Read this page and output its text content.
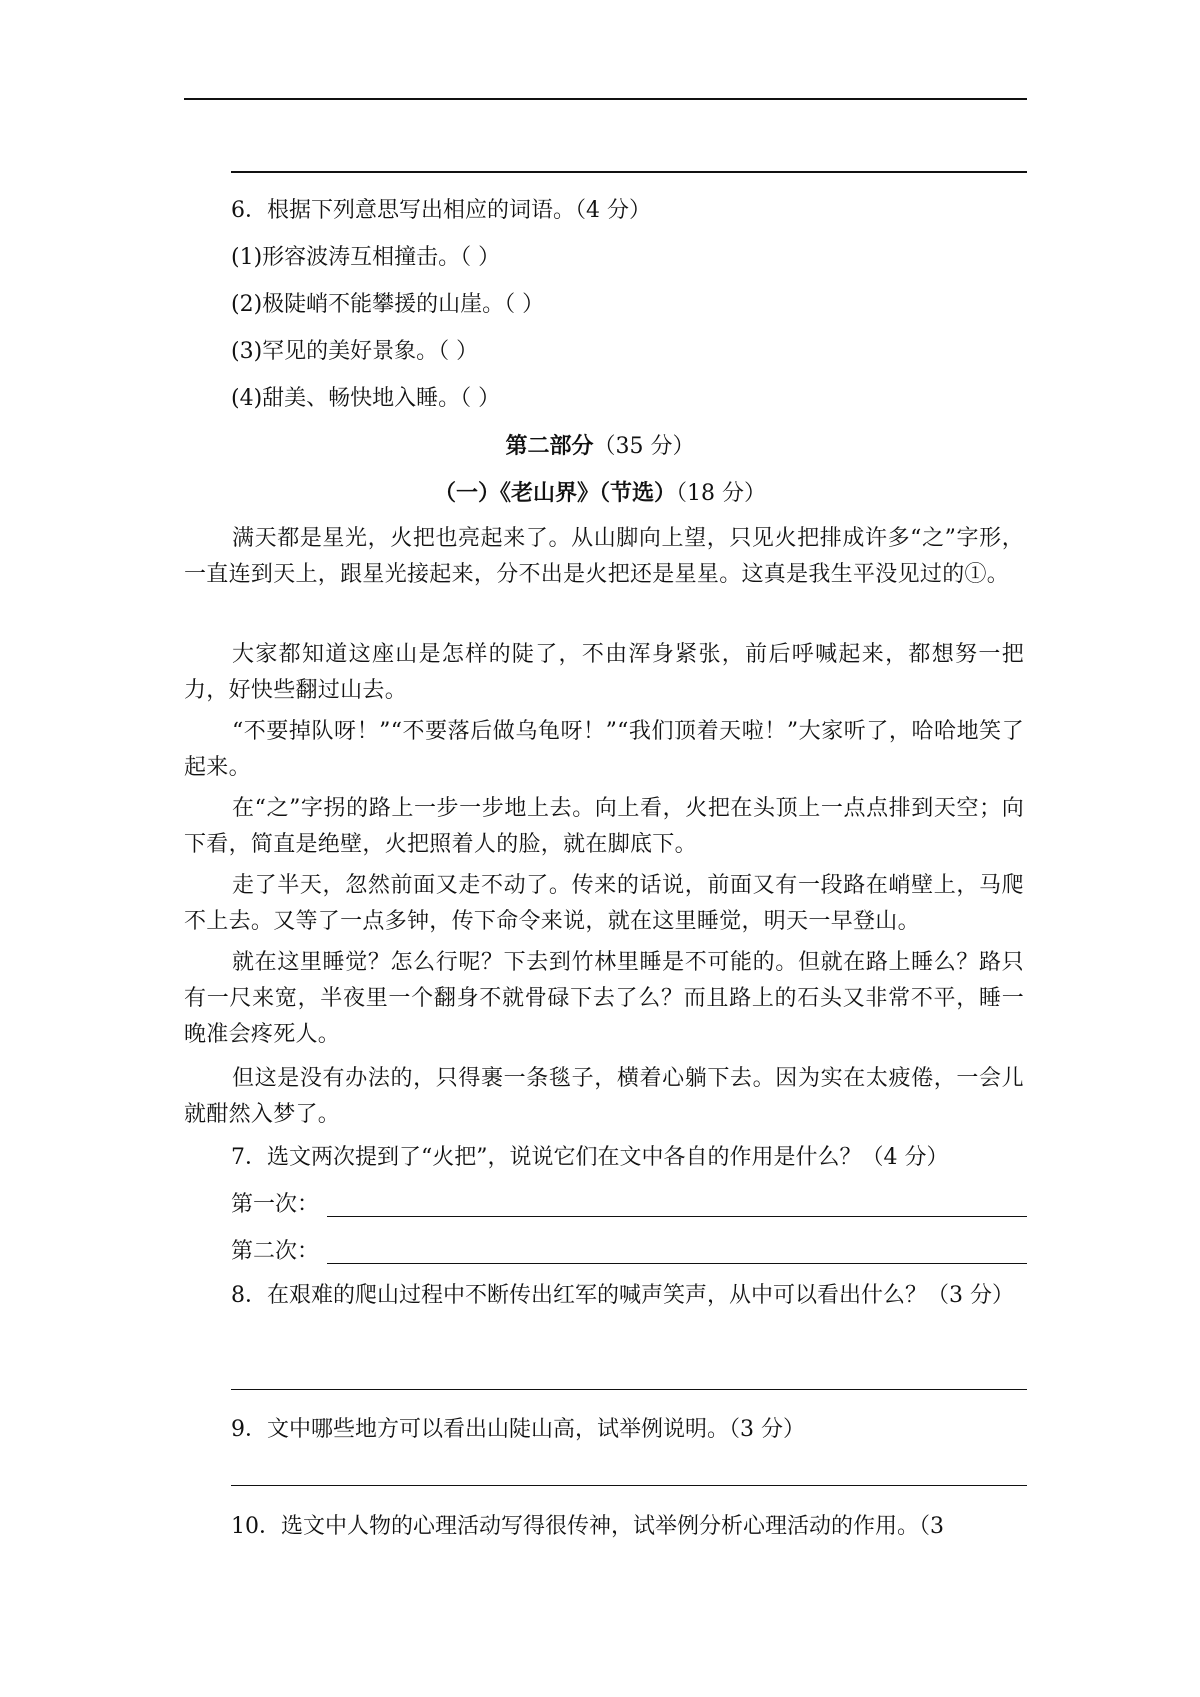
6．根据下列意思写出相应的词语。（4 分）
(1)形容波涛互相撞击。（ ）
(2)极陡峭不能攀援的山崖。（ ）
(3)罕见的美好景象。（ ）
(4)甜美、畅快地入睡。（ ）
第二部分（35 分）
（一）《老山界》（节选）（18 分）
满天都是星光，火把也亮起来了。从山脚向上望，只见火把排成许多“之”字形，一直连到天上，跟星光接起来，分不出是火把还是星星。这真是我生平没见过的①。
大家都知道这座山是怎样的陡了，不由浑身紧张，前后呼喊起来，都想努一把力，好快些翻过山去。
“不要掉队呀！”“不要落后做乌龟呀！”“我们顶着天啦！”大家听了，哈哈地笑了起来。
在“之”字拐的路上一步一步地上去。向上看，火把在头顶上一点点排到天空；向下看，简直是绝壁，火把照着人的脸，就在脚底下。
走了半天，忽然前面又走不动了。传来的话说，前面又有一段路在峭壁上，马爬不上去。又等了一点多钟，传下命令来说，就在这里睡觉，明天一早登山。
就在这里睡觉？怎么行呢？下去到竹林里睡是不可能的。但就在路上睡么？路只有一尺来宽，半夜里一个翻身不就骨碌下去了么？而且路上的石头又非常不平，睡一晚准会疼死人。
但这是没有办法的，只得裹一条毯子，横着心躺下去。因为实在太疲倦，一会儿就酣然入梦了。
7．选文两次提到了“火把”，说说它们在文中各自的作用是什么？（4 分）
第一次：
第二次：
8．在艰难的爬山过程中不断传出红军的喊声笑声，从中可以看出什么？（3 分）
9．文中哪些地方可以看出山陡山高，试举例说明。（3 分）
10．选文中人物的心理活动写得很传神，试举例分析心理活动的作用。（3
